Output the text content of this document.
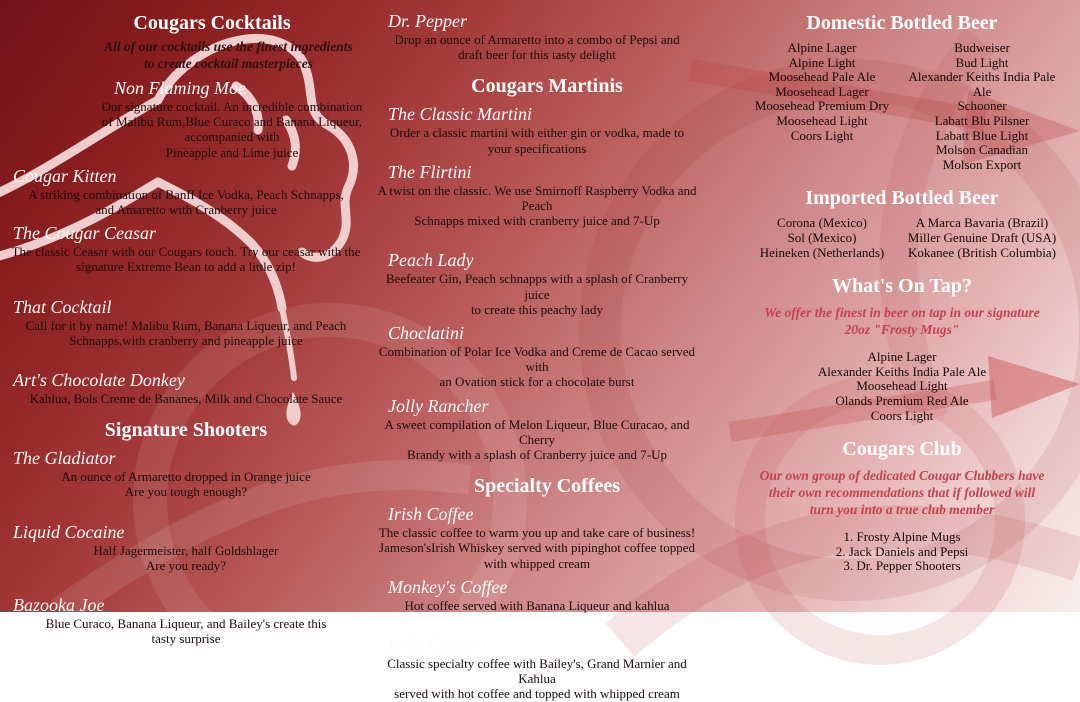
Cougars Cocktails
All of our cocktails use the finest ingredients
to create cocktail masterpieces
Non Flaming Moe
Our signature cocktail. An incredible combination
of Malibu Rum,Blue Curaco and Banana Liqueur,
accompanied with
Pineapple and Lime juice
Cougar Kitten
A striking combination of Banff Ice Vodka, Peach Schnapps,
and Amaretto with Cranberry juice
The Cougar Ceasar
The classic Ceasar with our Cougars touch. Try our ceasar with the
signature Extreme Bean to add a little zip!
That Cocktail
Call for it by name! Malibu Rum, Banana Liqueur, and Peach
Schnapps,with cranberry and pineapple juice
Art's Chocolate Donkey
Kahlua, Bols Creme de Bananes, Milk and Chocolate Sauce
Signature Shooters
The Gladiator
An ounce of Armaretto dropped in Orange juice
Are you tough enough?
Liquid Cocaine
Half Jagermeister, half Goldshlager
Are you ready?
Bazooka Joe
Blue Curaco, Banana Liqueur, and Bailey's create this
tasty surprise
Dr. Pepper
Drop an ounce of Armaretto into a combo of Pepsi and
draft beer for this tasty delight
Cougars Martinis
The Classic Martini
Order a classic martini with either gin or vodka, made to
your specifications
The Flirtini
A twist on the classic. We use Smirnoff Raspberry Vodka and Peach
Schnapps mixed with cranberry juice and 7-Up
Peach Lady
Beefeater Gin, Peach schnapps with a splash of Cranberry juice
to create this peachy lady
Choclatini
Combination of Polar Ice Vodka and Creme de Cacao served with
an Ovation stick for a chocolate burst
Jolly Rancher
A sweet compilation of Melon Liqueur, Blue Curacao, and Cherry
Brandy with a splash of Cranberry juice and 7-Up
Specialty Coffees
Irish Coffee
The classic coffee to warm you up and take care of business!
Jameson'sIrish Whiskey served with pipinghot coffee topped
with whipped cream
Monkey's Coffee
Hot coffee served with Banana Liqueur and kahlua
B-52 Coffee
Classic specialty coffee with Bailey's, Grand Marnier and Kahlua
served with hot coffee and topped with whipped cream
Domestic Bottled Beer
Alpine Lager
Alpine Light
Moosehead Pale Ale
Moosehead Lager
Moosehead Premium Dry
Moosehead Light
Coors Light
Budweiser
Bud Light
Alexander Keiths India Pale Ale
Schooner
Labatt Blu Pilsner
Labatt Blue Light
Molson Canadian
Molson Export
Imported Bottled Beer
Corona (Mexico)
Sol (Mexico)
Heineken (Netherlands)
A Marca Bavaria (Brazil)
Miller Genuine Draft (USA)
Kokanee (British Columbia)
What's On Tap?
We offer the finest in beer on tap in our signature
20oz "Frosty Mugs"
Alpine Lager
Alexander Keiths India Pale Ale
Moosehead Light
Olands Premium Red Ale
Coors Light
Cougars Club
Our own group of dedicated Cougar Clubbers have
their own recommendations that if followed will
turn you into a true club member
1. Frosty Alpine Mugs
2. Jack Daniels and Pepsi
3. Dr. Pepper Shooters
